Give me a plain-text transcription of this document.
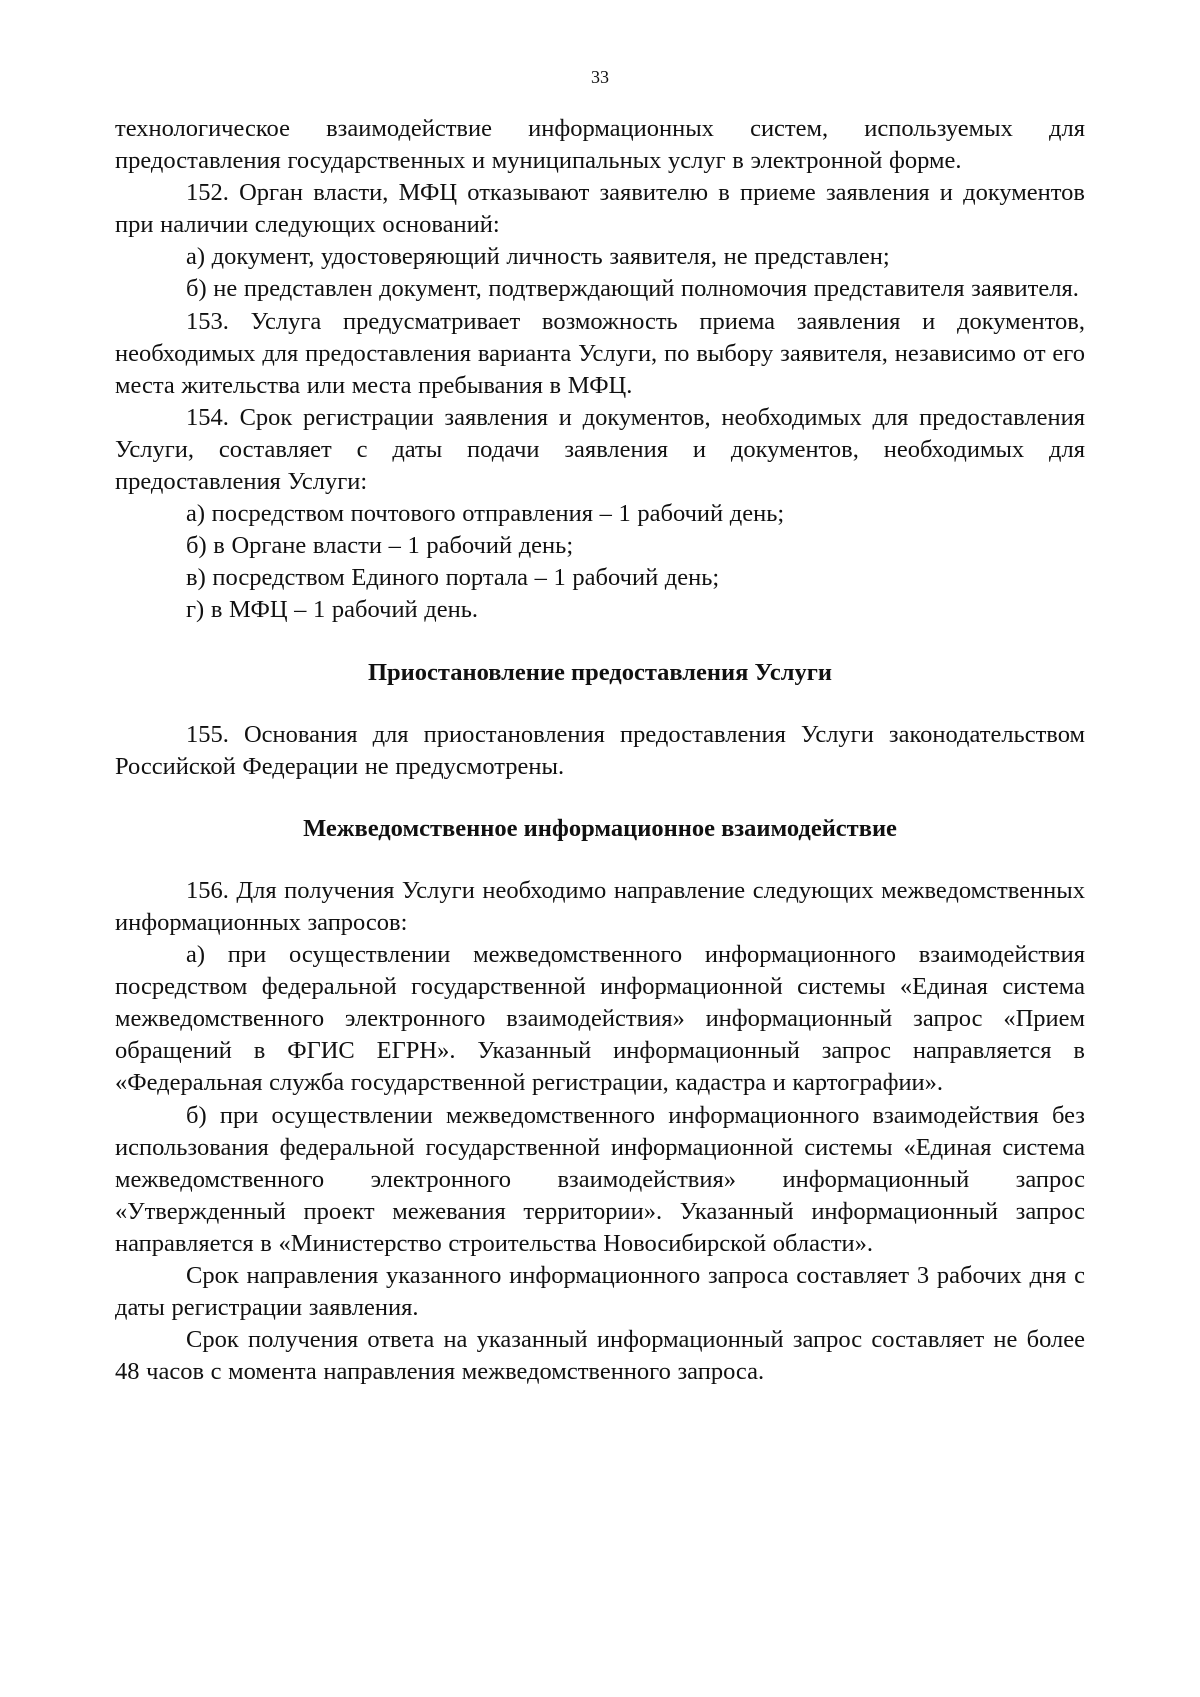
33

технологическое взаимодействие информационных систем, используемых для предоставления государственных и муниципальных услуг в электронной форме.

152. Орган власти, МФЦ отказывают заявителю в приеме заявления и документов при наличии следующих оснований:

а) документ, удостоверяющий личность заявителя, не представлен;

б) не представлен документ, подтверждающий полномочия представителя заявителя.

153. Услуга предусматривает возможность приема заявления и документов, необходимых для предоставления варианта Услуги, по выбору заявителя, независимо от его места жительства или места пребывания в МФЦ.

154. Срок регистрации заявления и документов, необходимых для предоставления Услуги, составляет с даты подачи заявления и документов, необходимых для предоставления Услуги:

а) посредством почтового отправления – 1 рабочий день;

б) в Органе власти – 1 рабочий день;

в) посредством Единого портала – 1 рабочий день;

г) в МФЦ – 1 рабочий день.

Приостановление предоставления Услуги

155. Основания для приостановления предоставления Услуги законодательством Российской Федерации не предусмотрены.

Межведомственное информационное взаимодействие

156. Для получения Услуги необходимо направление следующих межведомственных информационных запросов:

а) при осуществлении межведомственного информационного взаимодействия посредством федеральной государственной информационной системы «Единая система межведомственного электронного взаимодействия» информационный запрос «Прием обращений в ФГИС ЕГРН». Указанный информационный запрос направляется в «Федеральная служба государственной регистрации, кадастра и картографии».

б) при осуществлении межведомственного информационного взаимодействия без использования федеральной государственной информационной системы «Единая система межведомственного электронного взаимодействия» информационный запрос «Утвержденный проект межевания территории». Указанный информационный запрос направляется в «Министерство строительства Новосибирской области».

Срок направления указанного информационного запроса составляет 3 рабочих дня с даты регистрации заявления.

Срок получения ответа на указанный информационный запрос составляет не более 48 часов с момента направления межведомственного запроса.
